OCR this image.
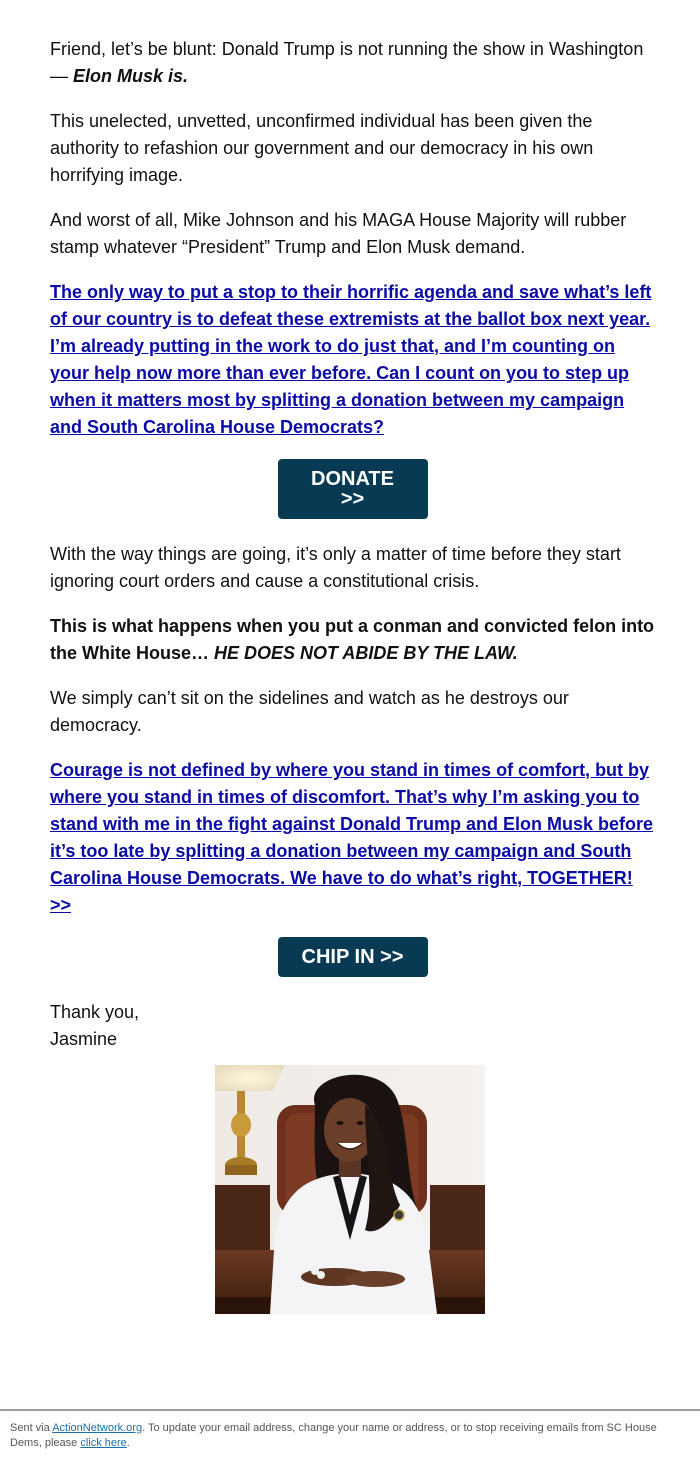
Friend, let’s be blunt: Donald Trump is not running the show in Washington — Elon Musk is.

This unelected, unvetted, unconfirmed individual has been given the authority to refashion our government and our democracy in his own horrifying image.

And worst of all, Mike Johnson and his MAGA House Majority will rubber stamp whatever “President” Trump and Elon Musk demand.

The only way to put a stop to their horrific agenda and save what’s left of our country is to defeat these extremists at the ballot box next year. I’m already putting in the work to do just that, and I’m counting on your help now more than ever before. Can I count on you to step up when it matters most by splitting a donation between my campaign and South Carolina House Democrats?

DONATE
>>

With the way things are going, it’s only a matter of time before they start ignoring court orders and cause a constitutional crisis.

This is what happens when you put a conman and convicted felon into the White House… HE DOES NOT ABIDE BY THE LAW.

We simply can’t sit on the sidelines and watch as he destroys our democracy.

Courage is not defined by where you stand in times of comfort, but by where you stand in times of discomfort. That’s why I’m asking you to stand with me in the fight against Donald Trump and Elon Musk before it’s too late by splitting a donation between my campaign and South Carolina House Democrats. We have to do what’s right, TOGETHER! >>

CHIP IN >>

Thank you,
Jasmine

Sent via ActionNetwork.org. To update your email address, change your name or address, or to stop receiving emails from SC House Dems, please click here.
